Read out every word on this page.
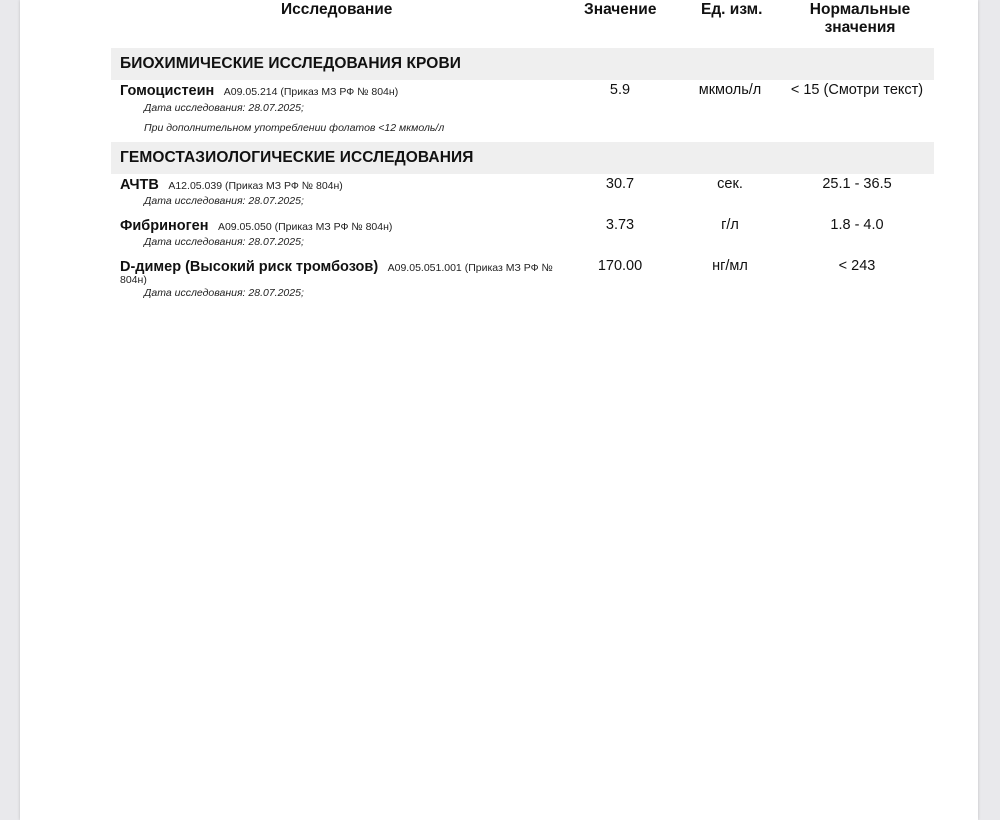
Исследование	Значение	Ед. изм.	Нормальные
значения
БИОХИМИЧЕСКИЕ ИССЛЕДОВАНИЯ КРОВИ
Гомоцистеин А09.05.214 (Приказ МЗ РФ № 804н)	5.9	мкмоль/л	< 15 (Смотри текст)
Дата исследования: 28.07.2025;
При дополнительном употреблении фолатов <12 мкмоль/л
ГЕМОСТАЗИОЛОГИЧЕСКИЕ ИССЛЕДОВАНИЯ
АЧТВ А12.05.039 (Приказ МЗ РФ № 804н)	30.7	сек.	25.1 - 36.5
Дата исследования: 28.07.2025;
Фибриноген А09.05.050 (Приказ МЗ РФ № 804н)	3.73	г/л	1.8 - 4.0
Дата исследования: 28.07.2025;
D-димер (Высокий риск тромбозов) А09.05.051.001 (Приказ МЗ РФ №
804н)
170.00	нг/мл	< 243
Дата исследования: 28.07.2025;
